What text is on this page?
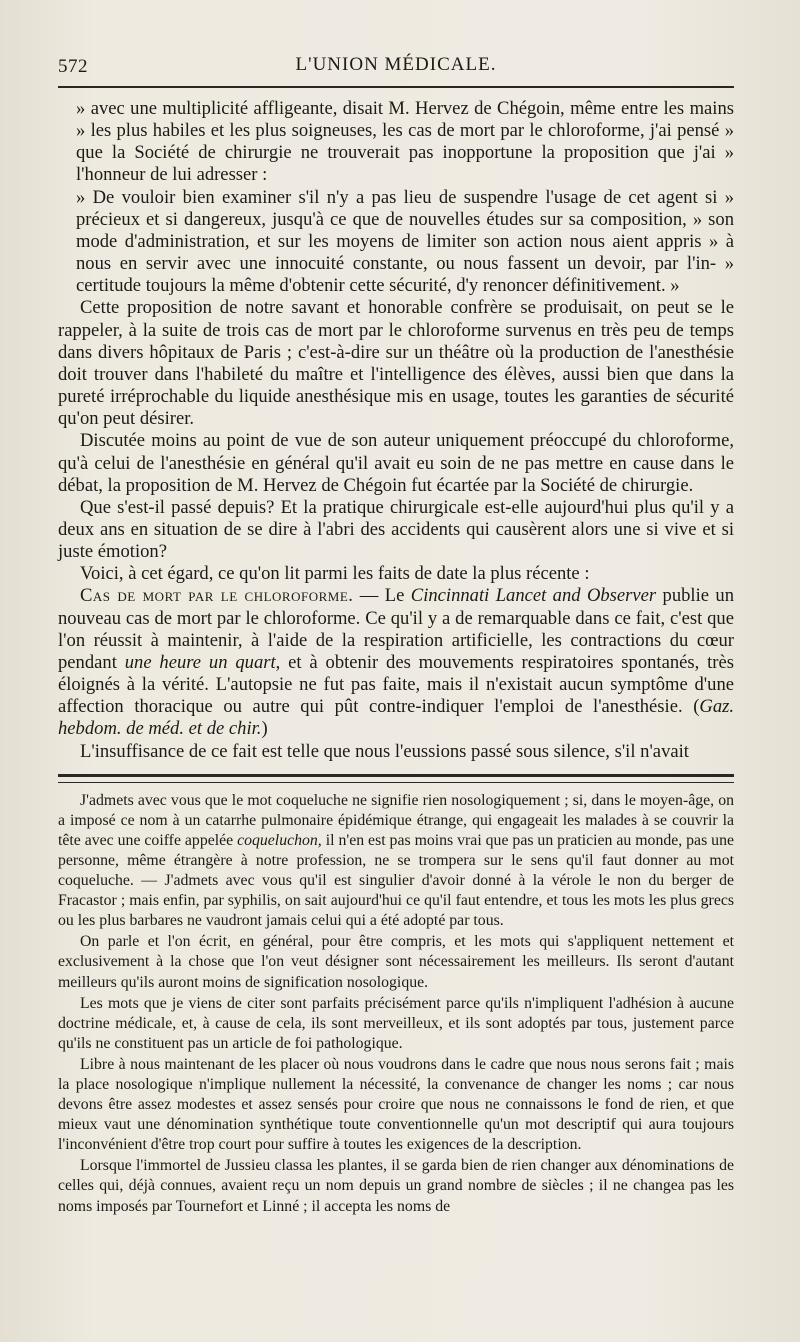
572	L'UNION MÉDICALE.

» avec une multiplicité affligeante, disait M. Hervez de Chégoin, même entre les mains » les plus habiles et les plus soigneuses, les cas de mort par le chloroforme, j'ai pensé » que la Société de chirurgie ne trouverait pas inopportune la proposition que j'ai » l'honneur de lui adresser :

» De vouloir bien examiner s'il n'y a pas lieu de suspendre l'usage de cet agent si » précieux et si dangereux, jusqu'à ce que de nouvelles études sur sa composition, » son mode d'administration, et sur les moyens de limiter son action nous aient appris » à nous en servir avec une innocuité constante, ou nous fassent un devoir, par l'in- » certitude toujours la même d'obtenir cette sécurité, d'y renoncer définitivement. »

Cette proposition de notre savant et honorable confrère se produisait, on peut se le rappeler, à la suite de trois cas de mort par le chloroforme survenus en très peu de temps dans divers hôpitaux de Paris ; c'est-à-dire sur un théâtre où la production de l'anesthésie doit trouver dans l'habileté du maître et l'intelligence des élèves, aussi bien que dans la pureté irréprochable du liquide anesthésique mis en usage, toutes les garanties de sécurité qu'on peut désirer.

Discutée moins au point de vue de son auteur uniquement préoccupé du chloroforme, qu'à celui de l'anesthésie en général qu'il avait eu soin de ne pas mettre en cause dans le débat, la proposition de M. Hervez de Chégoin fut écartée par la Société de chirurgie.

Que s'est-il passé depuis? Et la pratique chirurgicale est-elle aujourd'hui plus qu'il y a deux ans en situation de se dire à l'abri des accidents qui causèrent alors une si vive et si juste émotion?

Voici, à cet égard, ce qu'on lit parmi les faits de date la plus récente :

Cas de mort par le chloroforme. — Le Cincinnati Lancet and Observer publie un nouveau cas de mort par le chloroforme. Ce qu'il y a de remarquable dans ce fait, c'est que l'on réussit à maintenir, à l'aide de la respiration artificielle, les contractions du cœur pendant une heure un quart, et à obtenir des mouvements respiratoires spontanés, très éloignés à la vérité. L'autopsie ne fut pas faite, mais il n'existait aucun symptôme d'une affection thoracique ou autre qui pût contre-indiquer l'emploi de l'anesthésie. (Gaz. hebdom. de méd. et de chir.)

L'insuffisance de ce fait est telle que nous l'eussions passé sous silence, s'il n'avait

J'admets avec vous que le mot coqueluche ne signifie rien nosologiquement ; si, dans le moyen-âge, on a imposé ce nom à un catarrhe pulmonaire épidémique étrange, qui engageait les malades à se couvrir la tête avec une coiffe appelée coqueluchon, il n'en est pas moins vrai que pas un praticien au monde, pas une personne, même étrangère à notre profession, ne se trompera sur le sens qu'il faut donner au mot coqueluche. — J'admets avec vous qu'il est singulier d'avoir donné à la vérole le non du berger de Fracastor ; mais enfin, par syphilis, on sait aujourd'hui ce qu'il faut entendre, et tous les mots les plus grecs ou les plus barbares ne vaudront jamais celui qui a été adopté par tous.

On parle et l'on écrit, en général, pour être compris, et les mots qui s'appliquent nettement et exclusivement à la chose que l'on veut désigner sont nécessairement les meilleurs. Ils seront d'autant meilleurs qu'ils auront moins de signification nosologique.

Les mots que je viens de citer sont parfaits précisément parce qu'ils n'impliquent l'adhésion à aucune doctrine médicale, et, à cause de cela, ils sont merveilleux, et ils sont adoptés par tous, justement parce qu'ils ne constituent pas un article de foi pathologique.

Libre à nous maintenant de les placer où nous voudrons dans le cadre que nous nous serons fait ; mais la place nosologique n'implique nullement la nécessité, la convenance de changer les noms ; car nous devons être assez modestes et assez sensés pour croire que nous ne connaissons le fond de rien, et que mieux vaut une dénomination synthétique toute conventionnelle qu'un mot descriptif qui aura toujours l'inconvénient d'être trop court pour suffire à toutes les exigences de la description.

Lorsque l'immortel de Jussieu classa les plantes, il se garda bien de rien changer aux dénominations de celles qui, déjà connues, avaient reçu un nom depuis un grand nombre de siècles ; il ne changea pas les noms imposés par Tournefort et Linné ; il accepta les noms de
